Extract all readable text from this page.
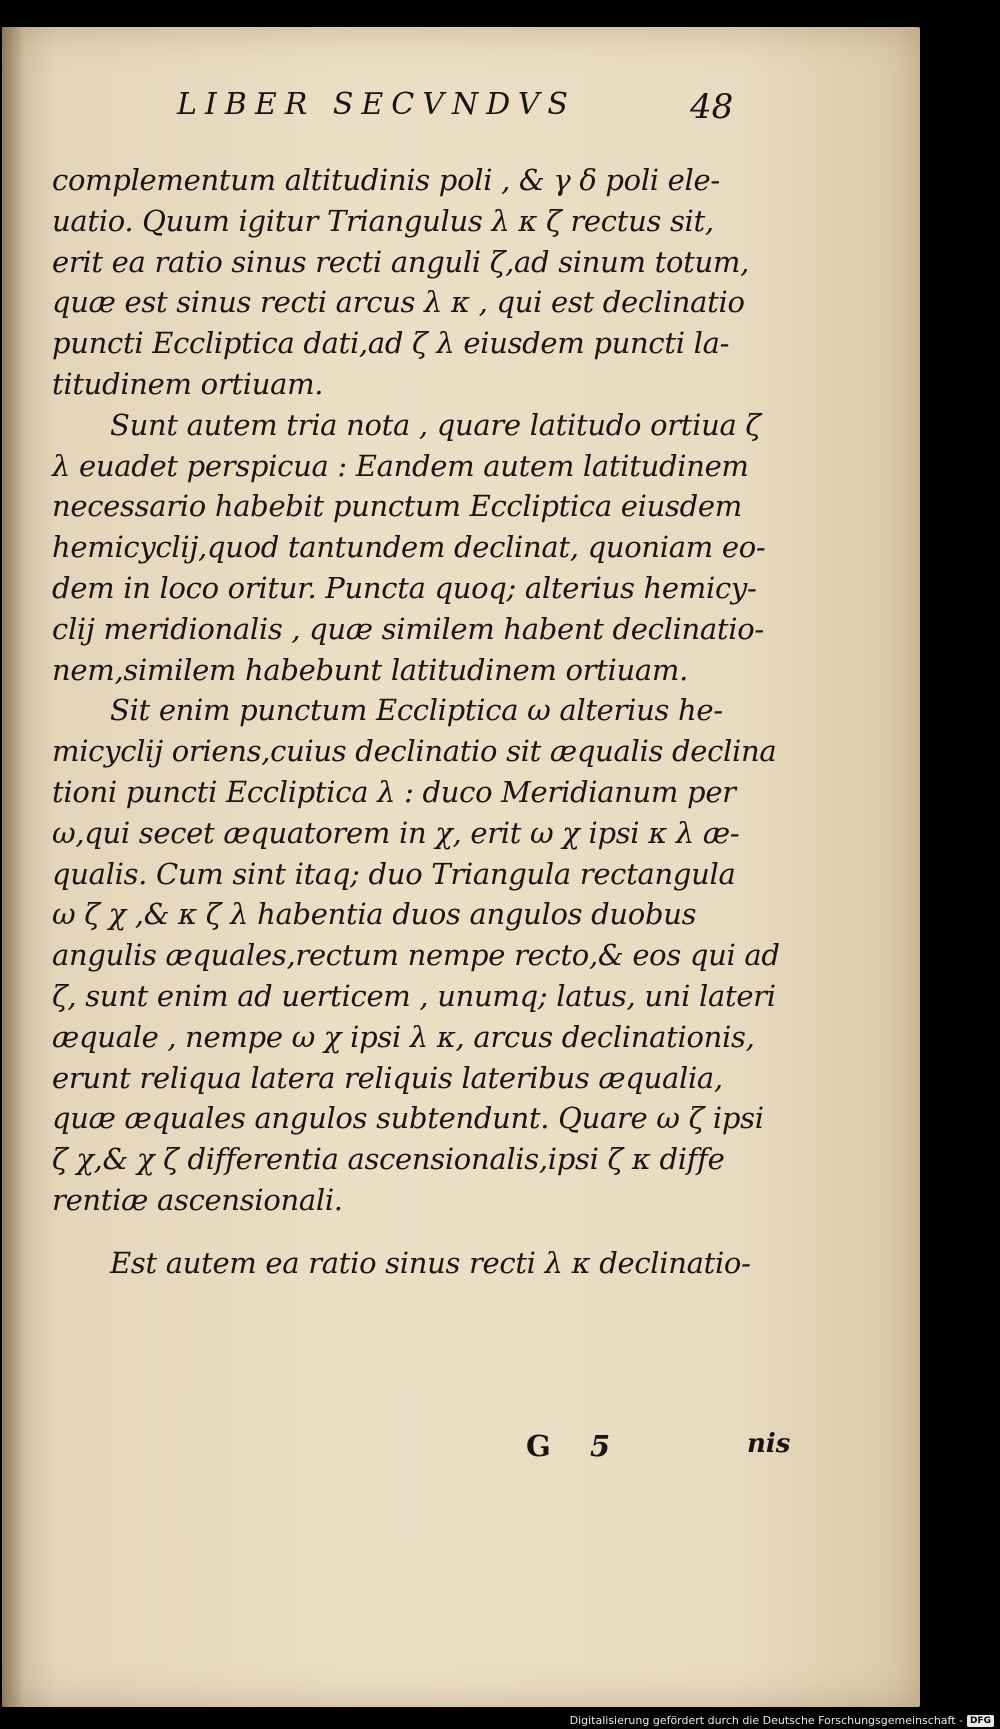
LIBER SECVNDVS	48
complementum altitudinis poli , & γ δ poli ele-
uatio. Quum igitur Triangulus λ κ ζ rectus sit,
erit ea ratio sinus recti anguli ζ,ad sinum totum,
quæ est sinus recti arcus λ κ , qui est declinatio
puncti Eccliptica dati,ad ζ λ eiusdem puncti la-
titudinem ortiuam.
Sunt autem tria nota , quare latitudo ortiua ζ
λ euadet perspicua : Eandem autem latitudinem
necessario habebit punctum Eccliptica eiusdem
hemicyclij,quod tantundem declinat, quoniam eo-
dem in loco oritur. Puncta quoq; alterius hemicy-
clij meridionalis , quæ similem habent declinatio-
nem,similem habebunt latitudinem ortiuam.
Sit enim punctum Eccliptica ω alterius he-
micyclij oriens,cuius declinatio sit æqualis declina
tioni puncti Eccliptica λ : duco Meridianum per
ω,qui secet æquatorem in χ, erit ω χ ipsi κ λ æ-
qualis. Cum sint itaq; duo Triangula rectangula
ω ζ χ ,& κ ζ λ habentia duos angulos duobus
angulis æquales,rectum nempe recto,& eos qui ad
ζ, sunt enim ad uerticem , unumq; latus, uni lateri
æquale , nempe ω χ ipsi λ κ, arcus declinationis,
erunt reliqua latera reliquis lateribus æqualia,
quæ æquales angulos subtendunt. Quare ω ζ ipsi
ζ χ,& χ ζ differentia ascensionalis,ipsi ζ κ diffe
rentiæ ascensionali.
Est autem ea ratio sinus recti λ κ declinatio-
G 5	nis
Digitalisierung gefördert durch die Deutsche Forschungsgemeinschaft - DFG
